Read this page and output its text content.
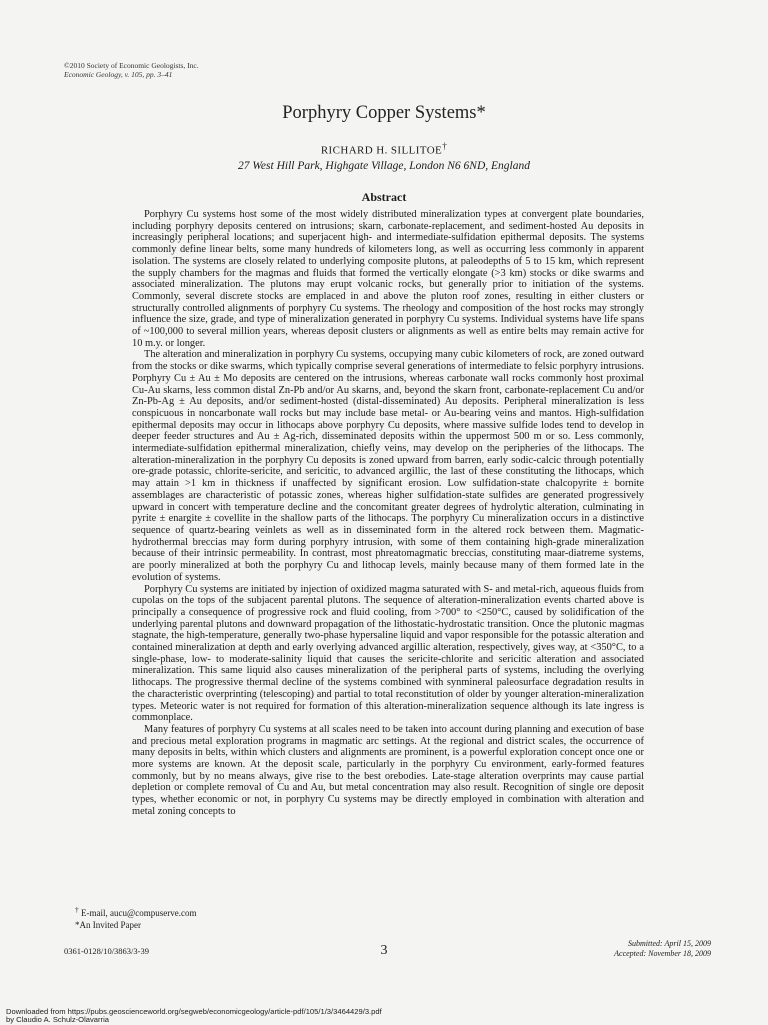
©2010 Society of Economic Geologists, Inc.
Economic Geology, v. 105, pp. 3–41
Porphyry Copper Systems*
RICHARD H. SILLITOE†
27 West Hill Park, Highgate Village, London N6 6ND, England
Abstract

Porphyry Cu systems host some of the most widely distributed mineralization types at convergent plate boundaries, including porphyry deposits centered on intrusions; skarn, carbonate-replacement, and sediment-hosted Au deposits in increasingly peripheral locations; and superjacent high- and intermediate-sulfidation epithermal deposits. The systems commonly define linear belts, some many hundreds of kilometers long, as well as occurring less commonly in apparent isolation. The systems are closely related to underlying composite plutons, at paleodepths of 5 to 15 km, which represent the supply chambers for the magmas and fluids that formed the vertically elongate (>3 km) stocks or dike swarms and associated mineralization. The plutons may erupt volcanic rocks, but generally prior to initiation of the systems. Commonly, several discrete stocks are emplaced in and above the pluton roof zones, resulting in either clusters or structurally controlled alignments of porphyry Cu systems. The rheology and composition of the host rocks may strongly influence the size, grade, and type of mineralization generated in porphyry Cu systems. Individual systems have life spans of ~100,000 to several million years, whereas deposit clusters or alignments as well as entire belts may remain active for 10 m.y. or longer.

The alteration and mineralization in porphyry Cu systems, occupying many cubic kilometers of rock, are zoned outward from the stocks or dike swarms, which typically comprise several generations of intermediate to felsic porphyry intrusions. Porphyry Cu ± Au ± Mo deposits are centered on the intrusions, whereas carbonate wall rocks commonly host proximal Cu-Au skarns, less common distal Zn-Pb and/or Au skarns, and, beyond the skarn front, carbonate-replacement Cu and/or Zn-Pb-Ag ± Au deposits, and/or sediment-hosted (distal-disseminated) Au deposits. Peripheral mineralization is less conspicuous in noncarbonate wall rocks but may include base metal- or Au-bearing veins and mantos. High-sulfidation epithermal deposits may occur in lithocaps above porphyry Cu deposits, where massive sulfide lodes tend to develop in deeper feeder structures and Au ± Ag-rich, disseminated deposits within the uppermost 500 m or so. Less commonly, intermediate-sulfidation epithermal mineralization, chiefly veins, may develop on the peripheries of the lithocaps. The alteration-mineralization in the porphyry Cu deposits is zoned upward from barren, early sodic-calcic through potentially ore-grade potassic, chlorite-sericite, and sericitic, to advanced argillic, the last of these constituting the lithocaps, which may attain >1 km in thickness if unaffected by significant erosion. Low sulfidation-state chalcopyrite ± bornite assemblages are characteristic of potassic zones, whereas higher sulfidation-state sulfides are generated progressively upward in concert with temperature decline and the concomitant greater degrees of hydrolytic alteration, culminating in pyrite ± enargite ± covellite in the shallow parts of the lithocaps. The porphyry Cu mineralization occurs in a distinctive sequence of quartz-bearing veinlets as well as in disseminated form in the altered rock between them. Magmatic-hydrothermal breccias may form during porphyry intrusion, with some of them containing high-grade mineralization because of their intrinsic permeability. In contrast, most phreatomagmatic breccias, constituting maar-diatreme systems, are poorly mineralized at both the porphyry Cu and lithocap levels, mainly because many of them formed late in the evolution of systems.

Porphyry Cu systems are initiated by injection of oxidized magma saturated with S- and metal-rich, aqueous fluids from cupolas on the tops of the subjacent parental plutons. The sequence of alteration-mineralization events charted above is principally a consequence of progressive rock and fluid cooling, from >700° to <250°C, caused by solidification of the underlying parental plutons and downward propagation of the lithostatic-hydrostatic transition. Once the plutonic magmas stagnate, the high-temperature, generally two-phase hypersaline liquid and vapor responsible for the potassic alteration and contained mineralization at depth and early overlying advanced argillic alteration, respectively, gives way, at <350°C, to a single-phase, low- to moderate-salinity liquid that causes the sericite-chlorite and sericitic alteration and associated mineralization. This same liquid also causes mineralization of the peripheral parts of systems, including the overlying lithocaps. The progressive thermal decline of the systems combined with synmineral paleosurface degradation results in the characteristic overprinting (telescoping) and partial to total reconstitution of older by younger alteration-mineralization types. Meteoric water is not required for formation of this alteration-mineralization sequence although its late ingress is commonplace.

Many features of porphyry Cu systems at all scales need to be taken into account during planning and execution of base and precious metal exploration programs in magmatic arc settings. At the regional and district scales, the occurrence of many deposits in belts, within which clusters and alignments are prominent, is a powerful exploration concept once one or more systems are known. At the deposit scale, particularly in the porphyry Cu environment, early-formed features commonly, but by no means always, give rise to the best orebodies. Late-stage alteration overprints may cause partial depletion or complete removal of Cu and Au, but metal concentration may also result. Recognition of single ore deposit types, whether economic or not, in porphyry Cu systems may be directly employed in combination with alteration and metal zoning concepts to

† E-mail, aucu@compuserve.com
*An Invited Paper
0361-0128/10/3863/3-39	3	Submitted: April 15, 2009
Accepted: November 18, 2009
Downloaded from https://pubs.geoscienceworld.org/segweb/economicgeology/article-pdf/105/1/3/3464429/3.pdf
by Claudio A. Schulz-Olavarria
